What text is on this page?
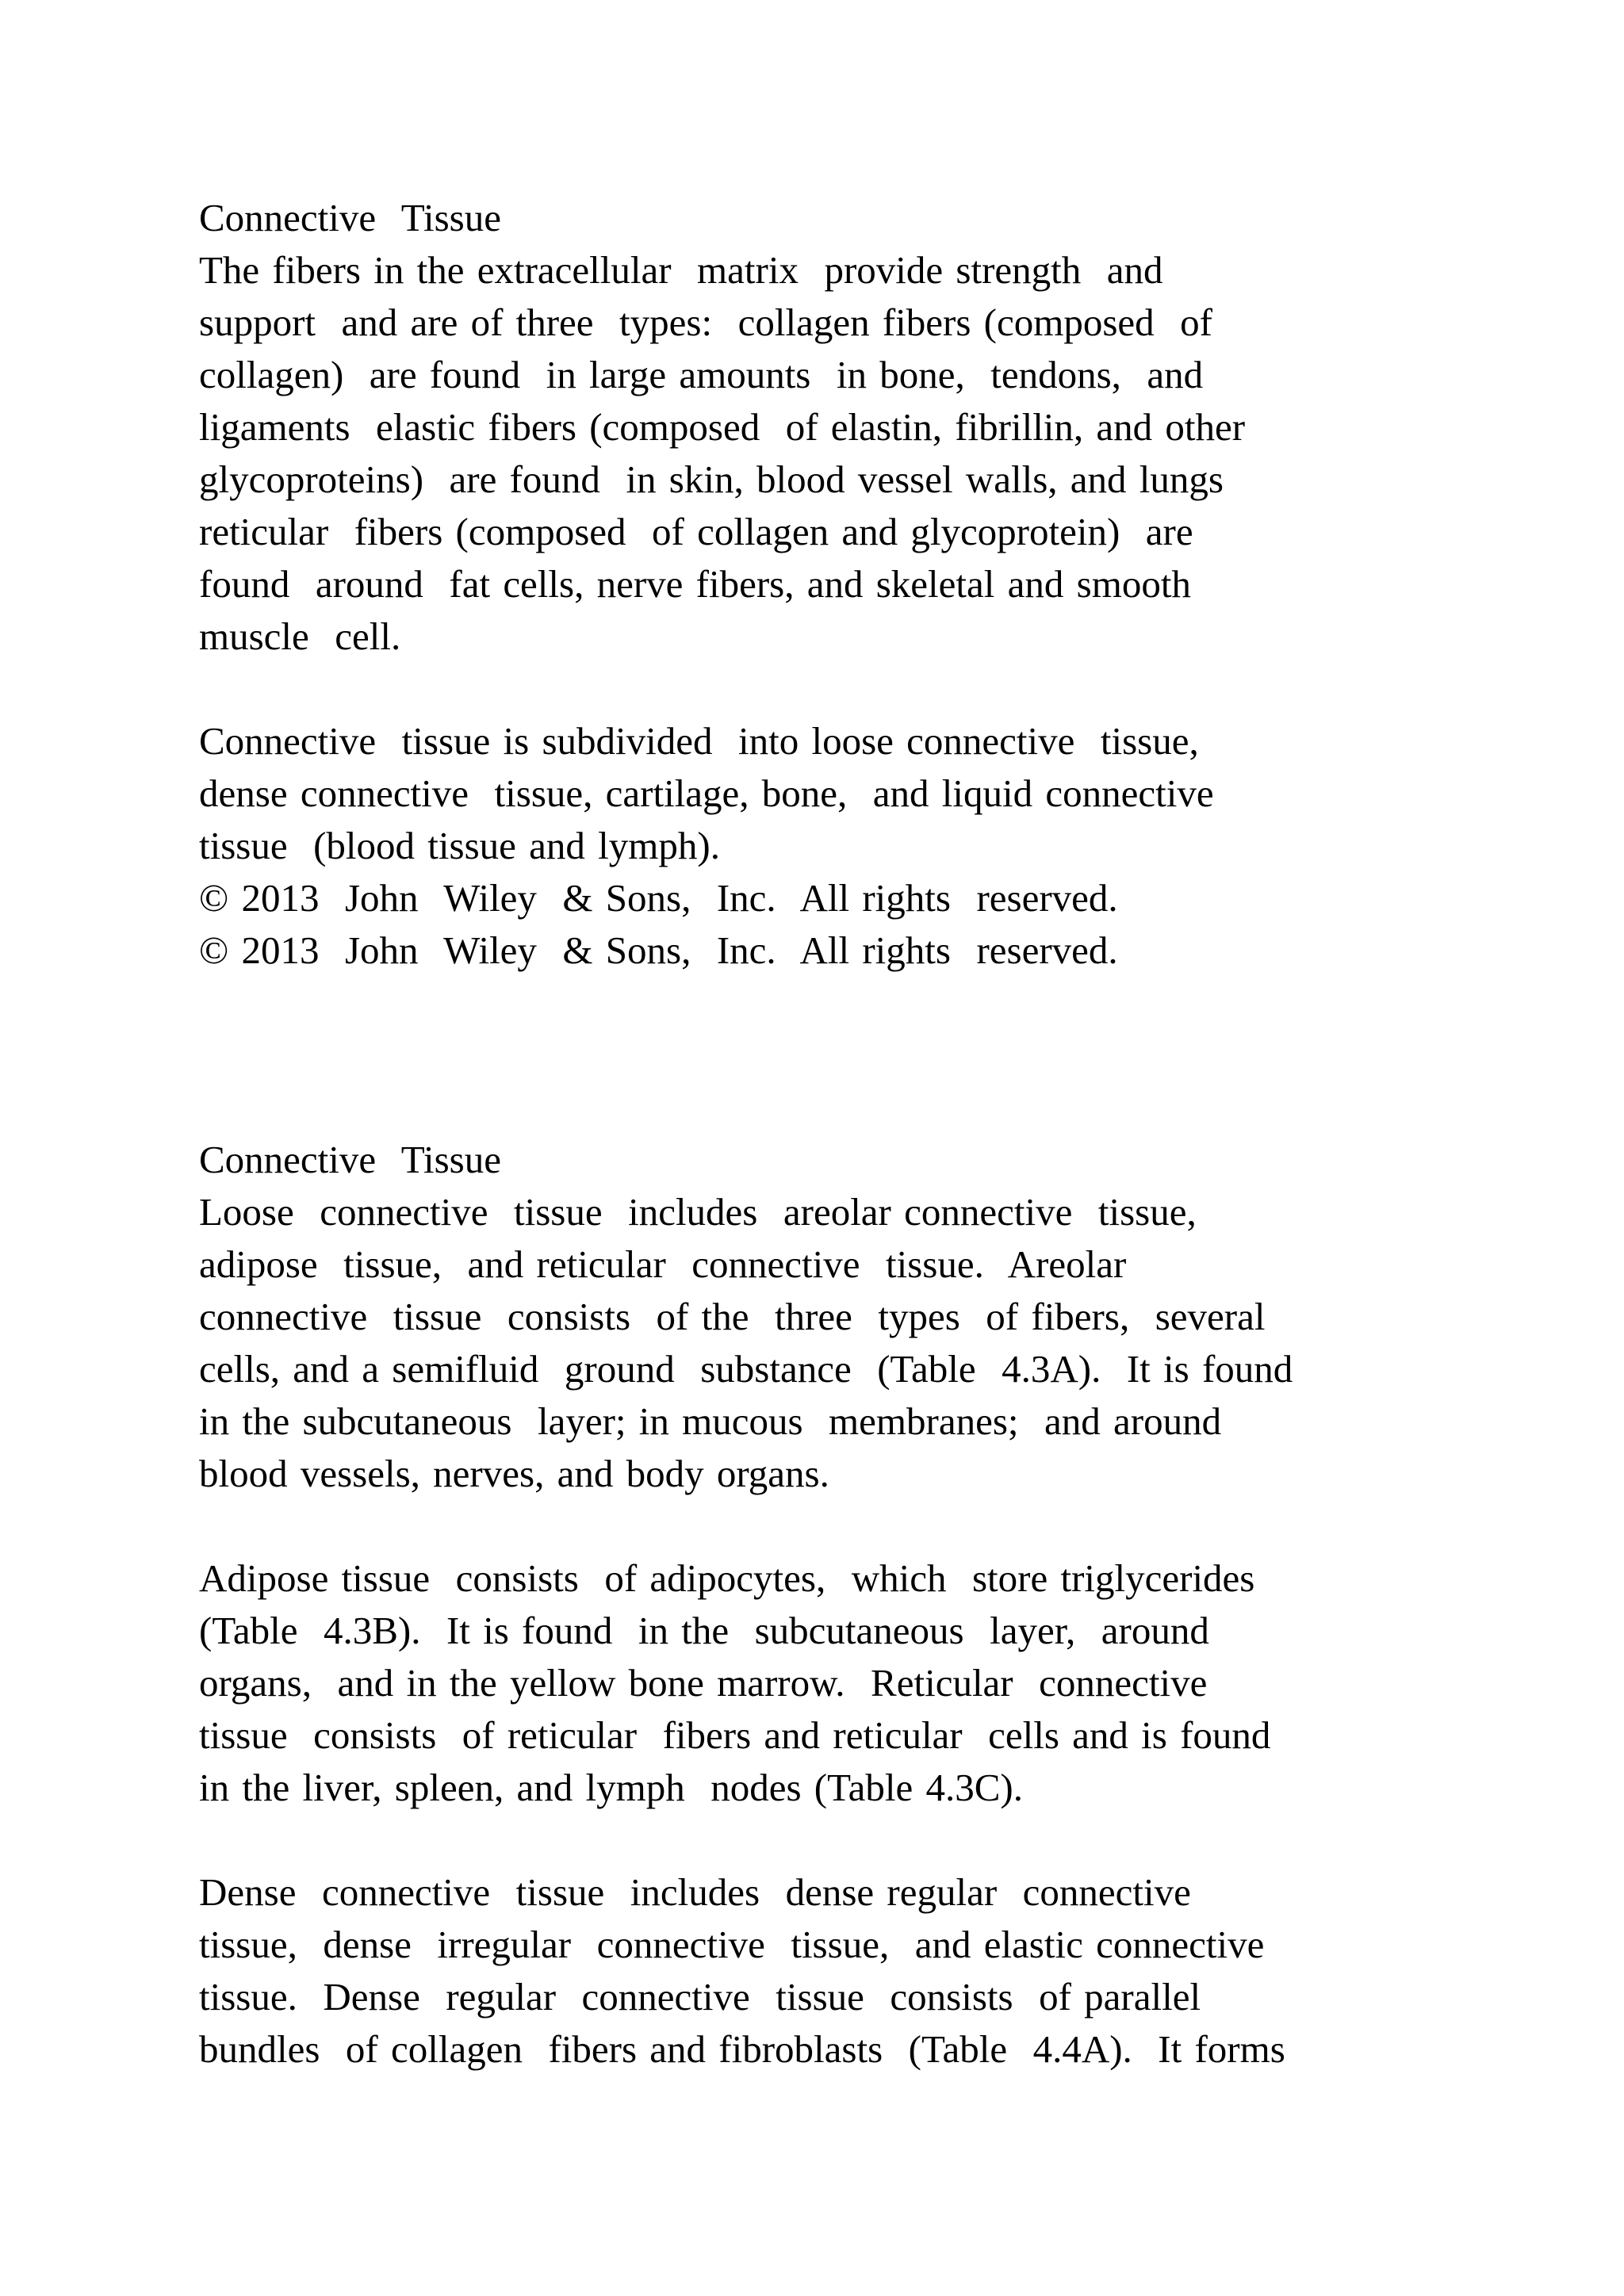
Connective  Tissue
The fibers in the extracellular  matrix  provide strength  and
support  and are of three  types:  collagen fibers (composed  of
collagen)  are found  in large amounts  in bone,  tendons,  and
ligaments  elastic fibers (composed  of elastin, fibrillin, and other
glycoproteins)  are found  in skin, blood vessel walls, and lungs
reticular  fibers (composed  of collagen and glycoprotein)  are
found  around  fat cells, nerve fibers, and skeletal and smooth
muscle  cell.
Connective  tissue is subdivided  into loose connective  tissue,
dense connective  tissue, cartilage, bone,  and liquid connective
tissue  (blood tissue and lymph).
© 2013  John  Wiley  & Sons,  Inc.  All rights  reserved.
© 2013  John  Wiley  & Sons,  Inc.  All rights  reserved.
Connective  Tissue
Loose  connective  tissue  includes  areolar connective  tissue,
adipose  tissue,  and reticular  connective  tissue.  Areolar
connective  tissue  consists  of the  three  types  of fibers,  several
cells, and a semifluid  ground  substance  (Table  4.3A).  It is found
in the subcutaneous  layer; in mucous  membranes;  and around
blood vessels, nerves, and body organs.
Adipose tissue  consists  of adipocytes,  which  store triglycerides
(Table  4.3B).  It is found  in the  subcutaneous  layer,  around
organs,  and in the yellow bone marrow.  Reticular  connective
tissue  consists  of reticular  fibers and reticular  cells and is found
in the liver, spleen, and lymph  nodes (Table 4.3C).
Dense  connective  tissue  includes  dense regular  connective
tissue,  dense  irregular  connective  tissue,  and elastic connective
tissue.  Dense  regular  connective  tissue  consists  of parallel
bundles  of collagen  fibers and fibroblasts  (Table  4.4A).  It forms
